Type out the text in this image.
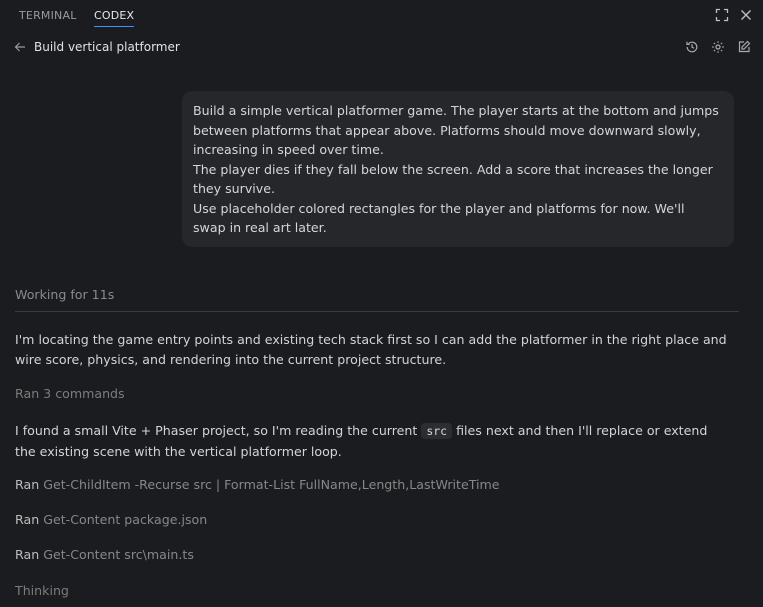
TERMINAL CODEX
Build vertical platformer

Build a simple vertical platformer game. The player starts at the bottom and jumps between platforms that appear above. Platforms should move downward slowly, increasing in speed over time.

The player dies if they fall below the screen. Add a score that increases the longer they survive.

Use placeholder colored rectangles for the player and platforms for now. We'll swap in real art later.

Working for 11s
I'm locating the game entry points and existing tech stack first so I can add the platformer in the right place and wire score, physics, and rendering into the current project structure.
Ran 3 commands
I found a small Vite + Phaser project, so I'm reading the current src files next and then I'll replace or extend the existing scene with the vertical platformer loop.
Ran Get-ChildItem -Recurse src | Format-List FullName,Length,LastWriteTime
Ran Get-Content package.json
Ran Get-Content src\main.ts
Thinking
